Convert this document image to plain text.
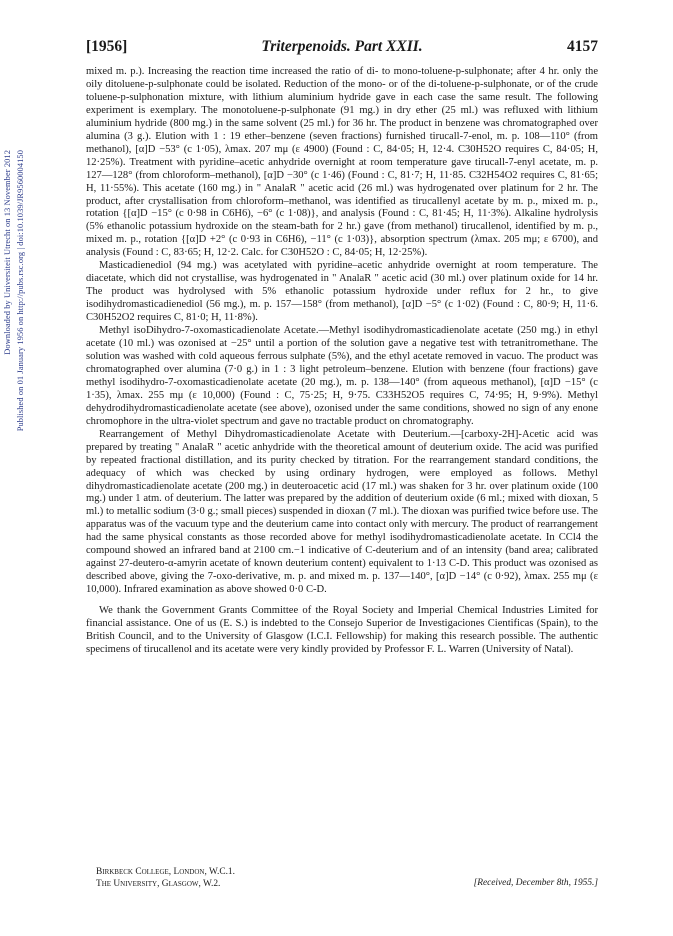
Downloaded by Universiteit Utrecht on 13 November 2012 Published on 01 January 1956 on http://pubs.rsc.org | doi:10.1039/JR9560004150
[1956]	Triterpenoids. Part XXII.	4157

mixed m. p.). Increasing the reaction time increased the ratio of di- to mono-toluene-p-sulphonate; after 4 hr. only the oily ditoluene-p-sulphonate could be isolated. Reduction of the mono- or of the di-toluene-p-sulphonate, or of the crude toluene-p-sulphonation mixture, with lithium aluminium hydride gave in each case the same result. The following experiment is exemplary. The monotoluene-p-sulphonate (91 mg.) in dry ether (25 ml.) was refluxed with lithium aluminium hydride (800 mg.) in the same solvent (25 ml.) for 36 hr. The product in benzene was chromatographed over alumina (3 g.). Elution with 1 : 19 ether–benzene (seven fractions) furnished tirucall-7-enol, m. p. 108—110° (from methanol), [α]D −53° (c 1·05), λmax. 207 mμ (ε 4900) (Found : C, 84·05; H, 12·4. C30H52O requires C, 84·05; H, 12·25%). Treatment with pyridine–acetic anhydride overnight at room temperature gave tirucall-7-enyl acetate, m. p. 127—128° (from chloroform–methanol), [α]D −30° (c 1·46) (Found : C, 81·7; H, 11·85. C32H54O2 requires C, 81·65; H, 11·55%). This acetate (160 mg.) in " AnalaR " acetic acid (26 ml.) was hydrogenated over platinum for 2 hr. The product, after crystallisation from chloroform–methanol, was identified as tirucallenyl acetate by m. p., mixed m. p., rotation {[α]D −15° (c 0·98 in C6H6), −6° (c 1·08)}, and analysis (Found : C, 81·45; H, 11·3%). Alkaline hydrolysis (5% ethanolic potassium hydroxide on the steam-bath for 2 hr.) gave (from methanol) tirucallenol, identified by m. p., mixed m. p., rotation {[α]D +2° (c 0·93 in C6H6), −11° (c 1·03)}, absorption spectrum (λmax. 205 mμ; ε 6700), and analysis (Found : C, 83·65; H, 12·2. Calc. for C30H52O : C, 84·05; H, 12·25%).

Masticadienediol (94 mg.) was acetylated with pyridine–acetic anhydride overnight at room temperature. The diacetate, which did not crystallise, was hydrogenated in " AnalaR " acetic acid (30 ml.) over platinum oxide for 14 hr. The product was hydrolysed with 5% ethanolic potassium hydroxide under reflux for 2 hr., to give isodihydromasticadienediol (56 mg.), m. p. 157—158° (from methanol), [α]D −5° (c 1·02) (Found : C, 80·9; H, 11·6. C30H52O2 requires C, 81·0; H, 11·8%).

Methyl isoDihydro-7-oxomasticadienolate Acetate.—Methyl isodihydromasticadienolate acetate (250 mg.) in ethyl acetate (10 ml.) was ozonised at −25° until a portion of the solution gave a negative test with tetranitromethane. The solution was washed with cold aqueous ferrous sulphate (5%), and the ethyl acetate removed in vacuo. The product was chromatographed over alumina (7·0 g.) in 1 : 3 light petroleum–benzene. Elution with benzene (four fractions) gave methyl isodihydro-7-oxomasticadienolate acetate (20 mg.), m. p. 138—140° (from aqueous methanol), [α]D −15° (c 1·35), λmax. 255 mμ (ε 10,000) (Found : C, 75·25; H, 9·75. C33H52O5 requires C, 74·95; H, 9·9%). Methyl dehydrodihydromasticadienolate acetate (see above), ozonised under the same conditions, showed no sign of any enone chromophore in the ultra-violet spectrum and gave no tractable product on chromatography.

Rearrangement of Methyl Dihydromasticadienolate Acetate with Deuterium.—[carboxy-2H]-Acetic acid was prepared by treating " AnalaR " acetic anhydride with the theoretical amount of deuterium oxide. The acid was purified by repeated fractional distillation, and its purity checked by titration. For the rearrangement standard conditions, the adequacy of which was checked by using ordinary hydrogen, were employed as follows. Methyl dihydromasticadienolate acetate (200 mg.) in deuteroacetic acid (17 ml.) was shaken for 3 hr. over platinum oxide (100 mg.) under 1 atm. of deuterium. The latter was prepared by the addition of deuterium oxide (6 ml.; mixed with dioxan, 5 ml.) to metallic sodium (3·0 g.; small pieces) suspended in dioxan (7 ml.). The dioxan was purified twice before use. The apparatus was of the vacuum type and the deuterium came into contact only with mercury. The product of rearrangement had the same physical constants as those recorded above for methyl isodihydromasticadienolate acetate. In CCl4 the compound showed an infrared band at 2100 cm.−1 indicative of C-deuterium and of an intensity (band area; calibrated against 27-deutero-α-amyrin acetate of known deuterium content) equivalent to 1·13 C-D. This product was ozonised as described above, giving the 7-oxo-derivative, m. p. and mixed m. p. 137—140°, [α]D −14° (c 0·92), λmax. 255 mμ (ε 10,000). Infrared examination as above showed 0·0 C-D.

We thank the Government Grants Committee of the Royal Society and Imperial Chemical Industries Limited for financial assistance. One of us (E. S.) is indebted to the Consejo Superior de Investigaciones Cientificas (Spain), to the British Council, and to the University of Glasgow (I.C.I. Fellowship) for making this research possible. The authentic specimens of tirucallenol and its acetate were very kindly provided by Professor F. L. Warren (University of Natal).

Birkbeck College, London, W.C.1.
The University, Glasgow, W.2.	[Received, December 8th, 1955.]
